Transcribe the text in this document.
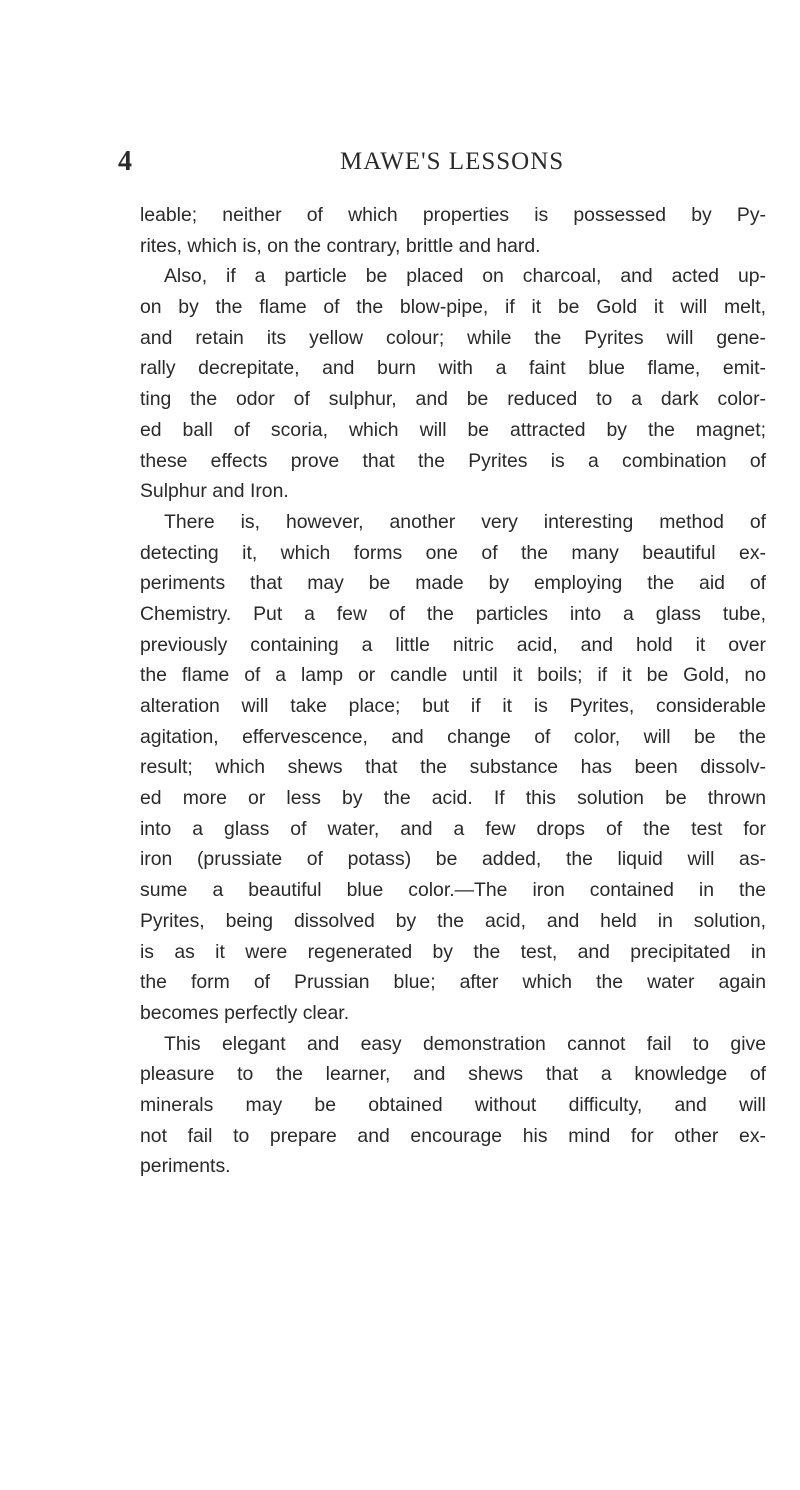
4	MAWE'S LESSONS
leable; neither of which properties is possessed by Py-
rites, which is, on the contrary, brittle and hard.
Also, if a particle be placed on charcoal, and acted up-
on by the flame of the blow-pipe, if it be Gold it will melt,
and retain its yellow colour; while the Pyrites will gene-
rally decrepitate, and burn with a faint blue flame, emit-
ting the odor of sulphur, and be reduced to a dark color-
ed ball of scoria, which will be attracted by the magnet;
these effects prove that the Pyrites is a combination of
Sulphur and Iron.
There is, however, another very interesting method of
detecting it, which forms one of the many beautiful ex-
periments that may be made by employing the aid of
Chemistry. Put a few of the particles into a glass tube,
previously containing a little nitric acid, and hold it over
the flame of a lamp or candle until it boils; if it be Gold, no
alteration will take place; but if it is Pyrites, considerable
agitation, effervescence, and change of color, will be the
result; which shews that the substance has been dissolv-
ed more or less by the acid. If this solution be thrown
into a glass of water, and a few drops of the test for
iron (prussiate of potass) be added, the liquid will as-
sume a beautiful blue color.—The iron contained in the
Pyrites, being dissolved by the acid, and held in solution,
is as it were regenerated by the test, and precipitated in
the form of Prussian blue; after which the water again
becomes perfectly clear.
This elegant and easy demonstration cannot fail to give
pleasure to the learner, and shews that a knowledge of
minerals may be obtained without difficulty, and will
not fail to prepare and encourage his mind for other ex-
periments.
